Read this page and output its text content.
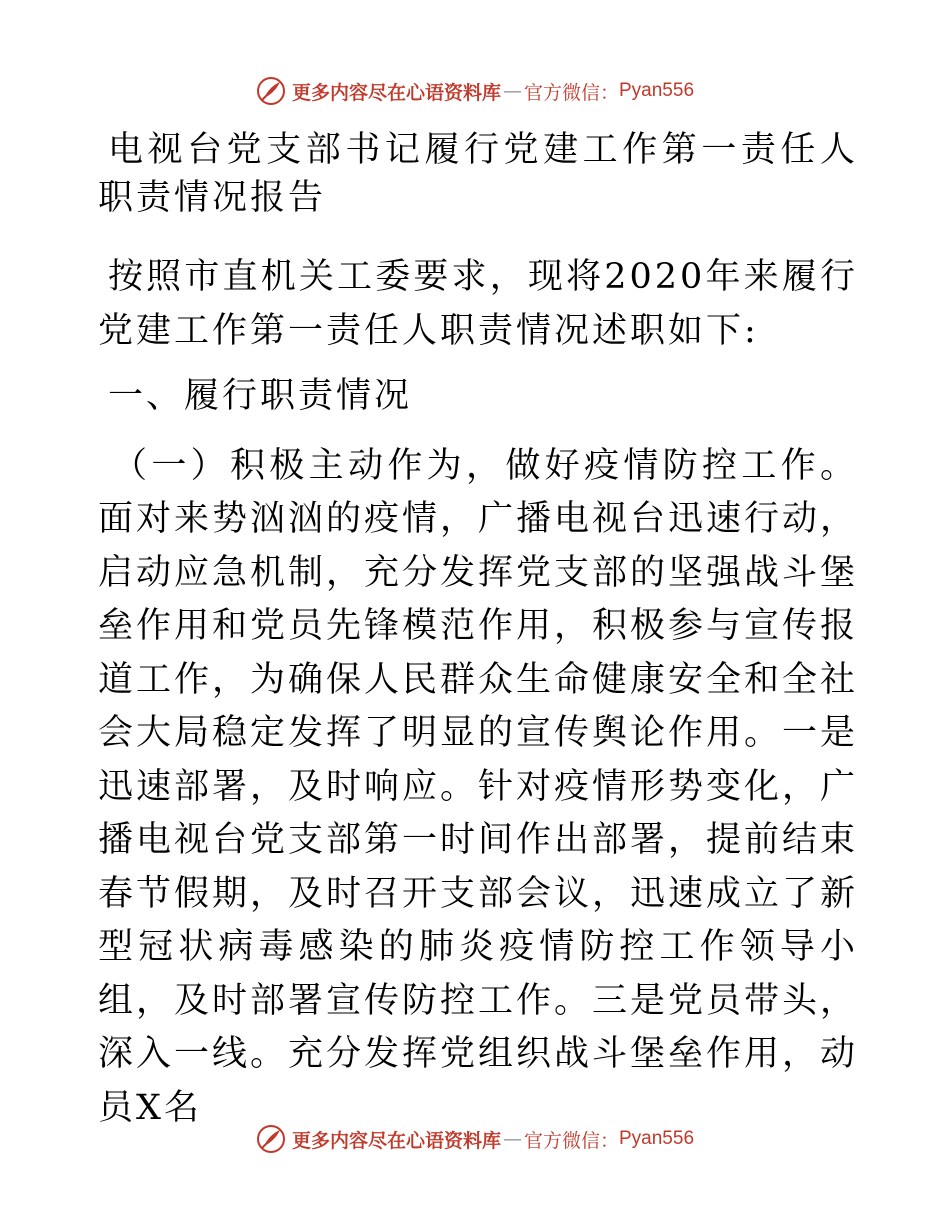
更多内容尽在心语资料库 — 官方微信： Pyan556

电视台党支部书记履行党建工作第一责任人职责情况报告

按照市直机关工委要求，现将2020年来履行党建工作第一责任人职责情况述职如下:

一、履行职责情况

（一）积极主动作为，做好疫情防控工作。面对来势汹汹的疫情，广播电视台迅速行动，启动应急机制，充分发挥党支部的坚强战斗堡垒作用和党员先锋模范作用，积极参与宣传报道工作，为确保人民群众生命健康安全和全社会大局稳定发挥了明显的宣传舆论作用。一是迅速部署，及时响应。针对疫情形势变化，广播电视台党支部第一时间作出部署，提前结束春节假期，及时召开支部会议，迅速成立了新型冠状病毒感染的肺炎疫情防控工作领导小组，及时部署宣传防控工作。三是党员带头，深入一线。充分发挥党组织战斗堡垒作用，动员X名

更多内容尽在心语资料库 — 官方微信： Pyan556
